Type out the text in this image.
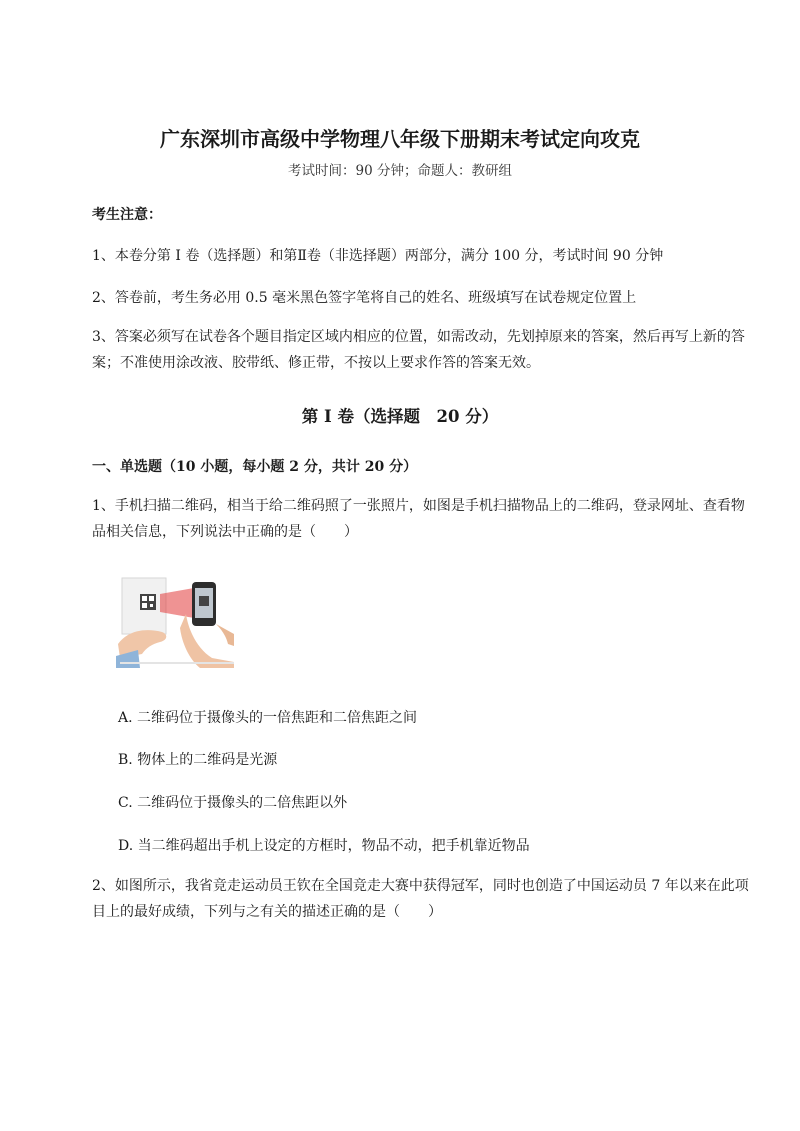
广东深圳市高级中学物理八年级下册期末考试定向攻克
考试时间：90 分钟；命题人：教研组
考生注意：
1、本卷分第 I 卷（选择题）和第Ⅱ卷（非选择题）两部分，满分 100 分，考试时间 90 分钟
2、答卷前，考生务必用 0.5 毫米黑色签字笔将自己的姓名、班级填写在试卷规定位置上
3、答案必须写在试卷各个题目指定区域内相应的位置，如需改动，先划掉原来的答案，然后再写上新的答案；不准使用涂改液、胶带纸、修正带，不按以上要求作答的答案无效。
第 I 卷（选择题　20 分）
一、单选题（10 小题，每小题 2 分，共计 20 分）
1、手机扫描二维码，相当于给二维码照了一张照片，如图是手机扫描物品上的二维码，登录网址、查看物品相关信息，下列说法中正确的是（　　）
A. 二维码位于摄像头的一倍焦距和二倍焦距之间
B. 物体上的二维码是光源
C. 二维码位于摄像头的二倍焦距以外
D. 当二维码超出手机上设定的方框时，物品不动，把手机靠近物品
2、如图所示，我省竞走运动员王钦在全国竞走大赛中获得冠军，同时也创造了中国运动员 7 年以来在此项目上的最好成绩，下列与之有关的描述正确的是（　　）
